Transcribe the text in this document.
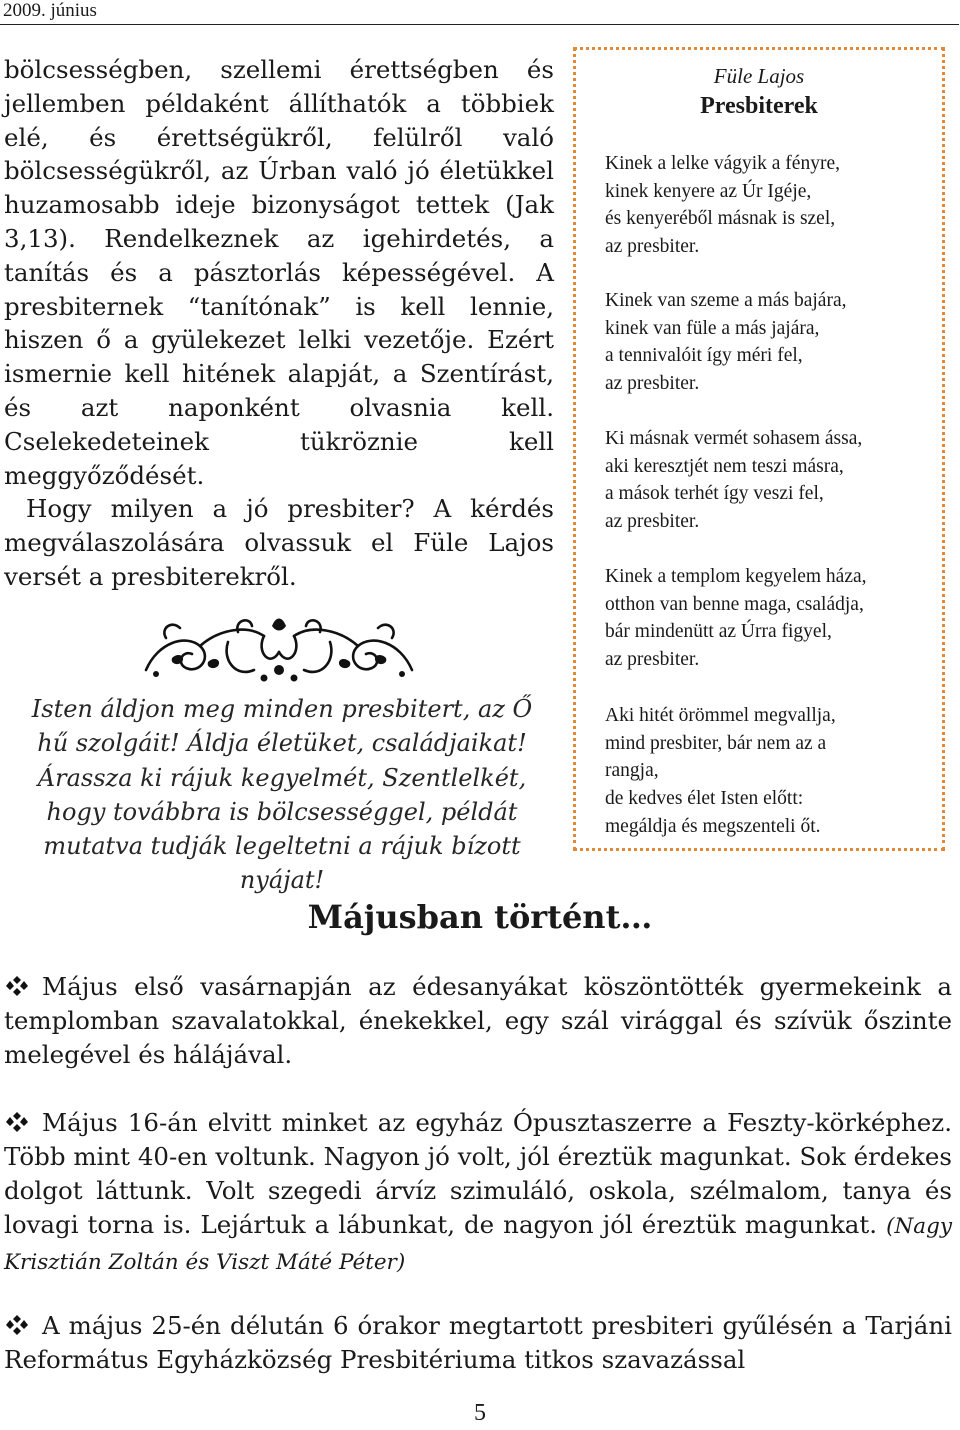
2009. június

bölcsességben, szellemi érettségben és jellemben példaként állíthatók a többiek elé, és érettségükről, felülről való bölcsességükről, az Úrban való jó életükkel huzamosabb ideje bizonyságot tettek (Jak 3,13). Rendelkeznek az igehirdetés, a tanítás és a pásztorlás képességével. A presbiternek “tanítónak” is kell lennie, hiszen ő a gyülekezet lelki vezetője. Ezért ismernie kell hitének alapját, a Szentírást, és azt naponként olvasnia kell. Cselekedeteinek tükröznie kell meggyőződését.

Hogy milyen a jó presbiter? A kérdés megválaszolására olvassuk el Füle Lajos versét a presbiterekről.

Isten áldjon meg minden presbitert, az Ő hű szolgáit! Áldja életüket, családjaikat! Árassza ki rájuk kegyelmét, Szentlelkét, hogy továbbra is bölcsességgel, példát mutatva tudják legeltetni a rájuk bízott nyájat!
Füle Lajos
Presbiterek
Kinek a lelke vágyik a fényre,
kinek kenyere az Úr Igéje,
és kenyeréből másnak is szel,
az presbiter.
Kinek van szeme a más bajára,
kinek van füle a más jajára,
a tennivalóit így méri fel,
az presbiter.
Ki másnak vermét sohasem ássa,
aki keresztjét nem teszi másra,
a mások terhét így veszi fel,
az presbiter.
Kinek a templom kegyelem háza,
otthon van benne maga, családja,
bár mindenütt az Úrra figyel,
az presbiter.
Aki hitét örömmel megvallja,
mind presbiter, bár nem az a
rangja,
de kedves élet Isten előtt:
megáldja és megszenteli őt.
Májusban történt…

Május első vasárnapján az édesanyákat köszöntötték gyermekeink a templomban szavalatokkal, énekekkel, egy szál virággal és szívük őszinte melegével és hálájával.

Május 16-án elvitt minket az egyház Ópusztaszerre a Feszty-körképhez. Több mint 40-en voltunk. Nagyon jó volt, jól éreztük magunkat. Sok érdekes dolgot láttunk. Volt szegedi árvíz szimuláló, oskola, szélmalom, tanya és lovagi torna is. Lejártuk a lábunkat, de nagyon jól éreztük magunkat. (Nagy Krisztián Zoltán és Viszt Máté Péter)

A május 25-én délután 6 órakor megtartott presbiteri gyűlésén a Tarjáni Református Egyházközség Presbitériuma titkos szavazással

5
